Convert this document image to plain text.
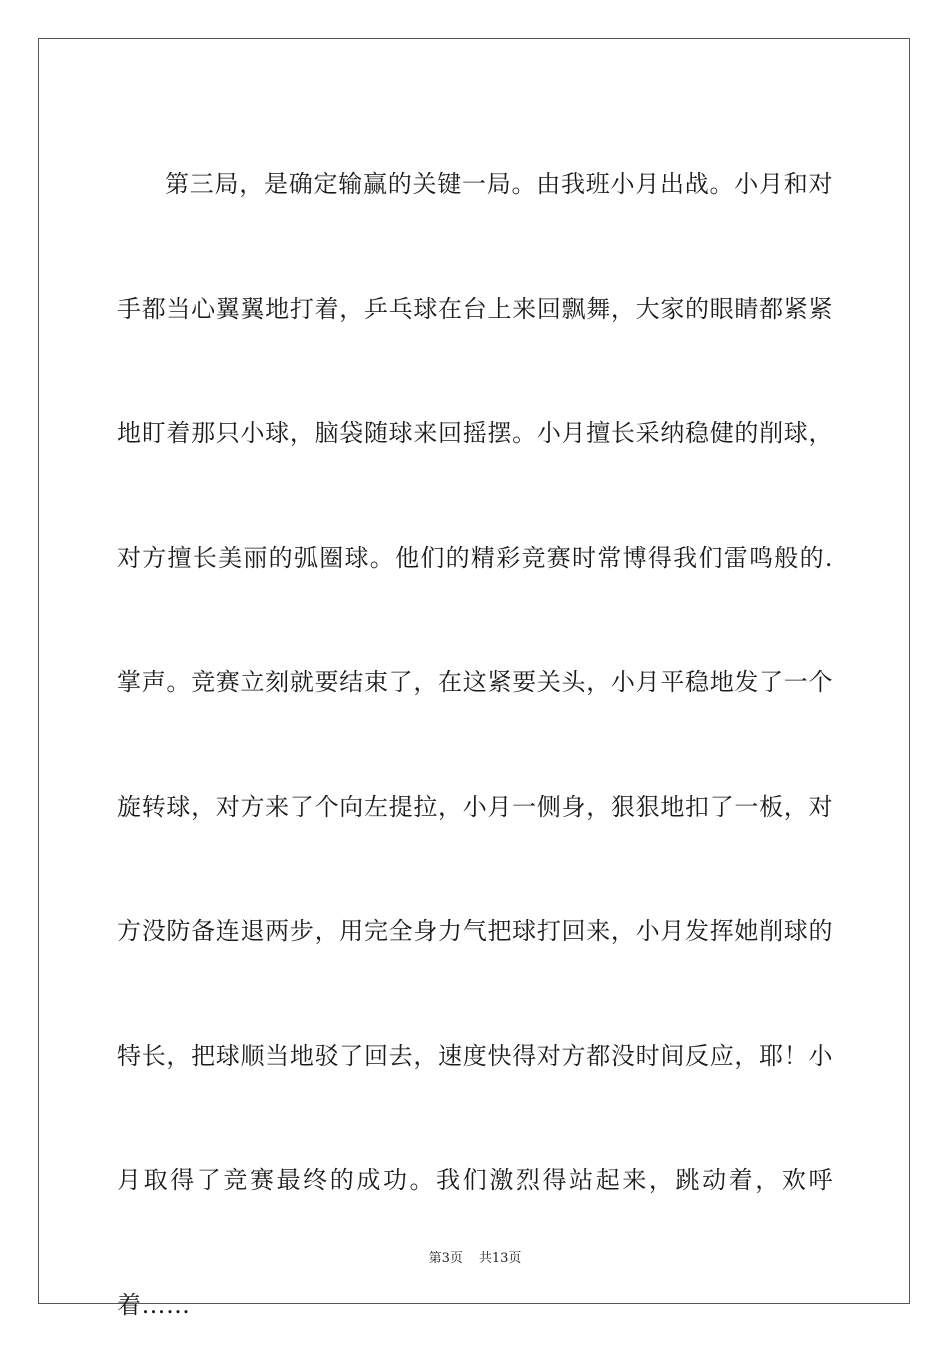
第三局，是确定输赢的关键一局。由我班小月出战。小月和对手都当心翼翼地打着，乒乓球在台上来回飘舞，大家的眼睛都紧紧地盯着那只小球，脑袋随球来回摇摆。小月擅长采纳稳健的削球，对方擅长美丽的弧圈球。他们的精彩竞赛时常博得我们雷鸣般的.掌声。竞赛立刻就要结束了，在这紧要关头，小月平稳地发了一个旋转球，对方来了个向左提拉，小月一侧身，狠狠地扣了一板，对方没防备连退两步，用完全身力气把球打回来，小月发挥她削球的特长，把球顺当地驳了回去，速度快得对方都没时间反应，耶！小月取得了竞赛最终的成功。我们激烈得站起来，跳动着，欢呼着……

第3页 共13页
